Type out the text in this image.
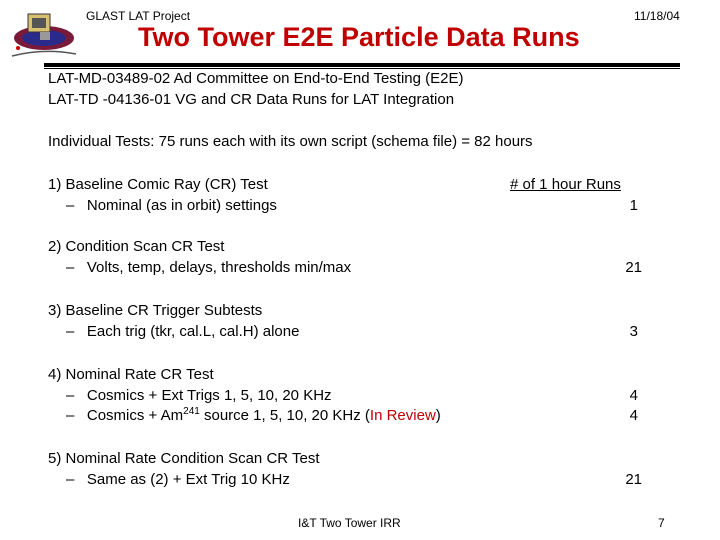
GLAST LAT Project	11/18/04
Two Tower E2E Particle Data Runs
LAT-MD-03489-02 Ad Committee on End-to-End Testing (E2E)
LAT-TD -04136-01 VG and CR Data Runs for LAT Integration
Individual Tests: 75 runs each with its own script (schema file) = 82 hours
# of 1 hour Runs
1) Baseline Comic Ray (CR) Test
– Nominal (as in orbit) settings	1
2) Condition Scan CR Test
– Volts, temp, delays, thresholds min/max	21
3) Baseline CR Trigger Subtests
– Each trig (tkr, cal.L, cal.H) alone	3
4) Nominal Rate CR Test
– Cosmics + Ext Trigs 1, 5, 10, 20 KHz	4
– Cosmics + $Am^{241}$ source 1, 5, 10, 20 KHz (In Review)	4
5) Nominal Rate Condition Scan CR Test
– Same as (2) + Ext Trig 10 KHz	21
I&T Two Tower IRR	7
